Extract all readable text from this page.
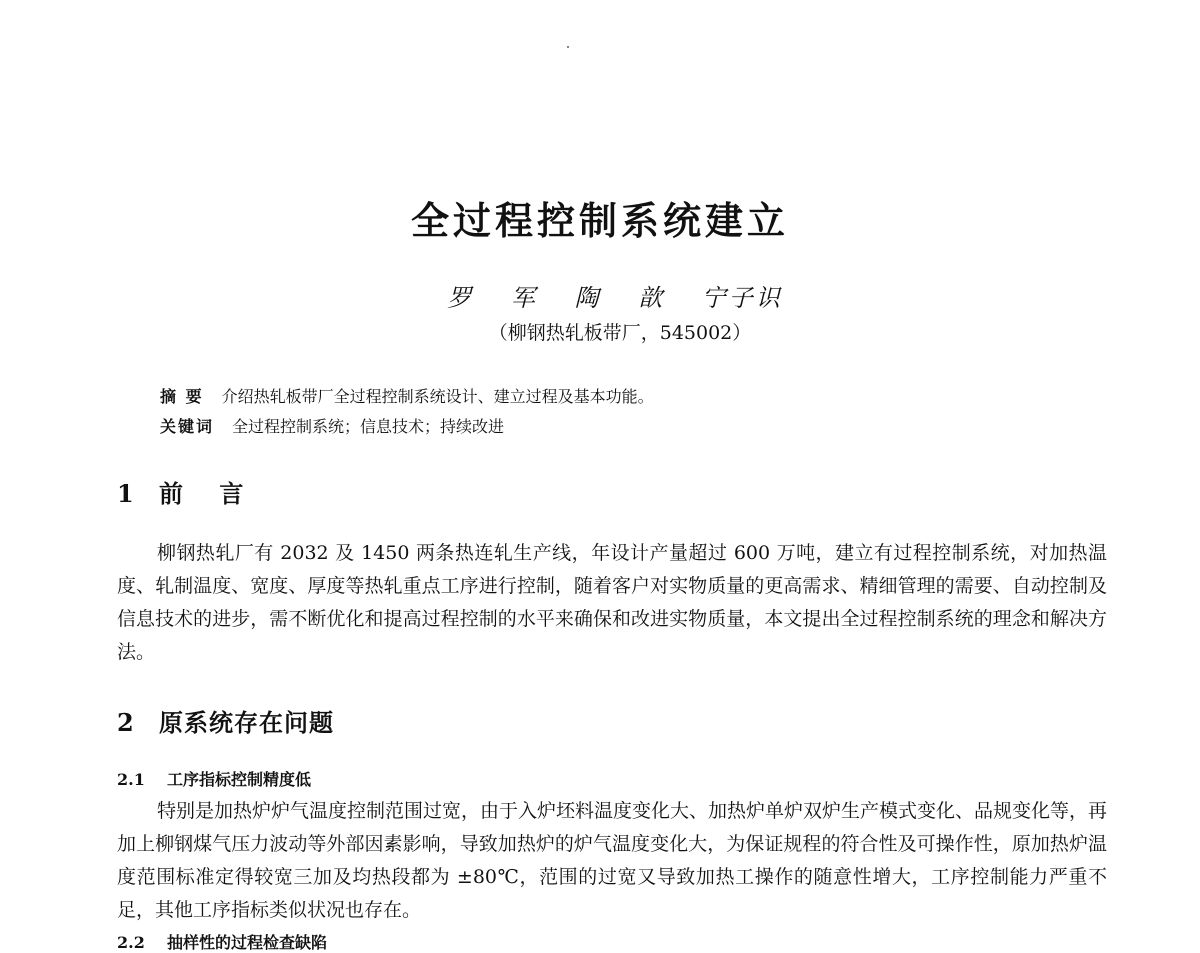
全过程控制系统建立
罗 军 陶 歆 宁子识
（柳钢热轧板带厂，545002）
摘 要 介绍热轧板带厂全过程控制系统设计、建立过程及基本功能。
关键词 全过程控制系统；信息技术；持续改进
1 前 言

柳钢热轧厂有 2032 及 1450 两条热连轧生产线，年设计产量超过 600 万吨，建立有过程控制系统，对加热温度、轧制温度、宽度、厚度等热轧重点工序进行控制，随着客户对实物质量的更高需求、精细管理的需要、自动控制及信息技术的进步，需不断优化和提高过程控制的水平来确保和改进实物质量，本文提出全过程控制系统的理念和解决方法。

2 原系统存在问题
2.1 工序指标控制精度低

特别是加热炉炉气温度控制范围过宽，由于入炉坯料温度变化大、加热炉单炉双炉生产模式变化、品规变化等，再加上柳钢煤气压力波动等外部因素影响，导致加热炉的炉气温度变化大，为保证规程的符合性及可操作性，原加热炉温度范围标准定得较宽三加及均热段都为 ±80℃，范围的过宽又导致加热工操作的随意性增大，工序控制能力严重不足，其他工序指标类似状况也存在。

2.2 抽样性的过程检查缺陷
